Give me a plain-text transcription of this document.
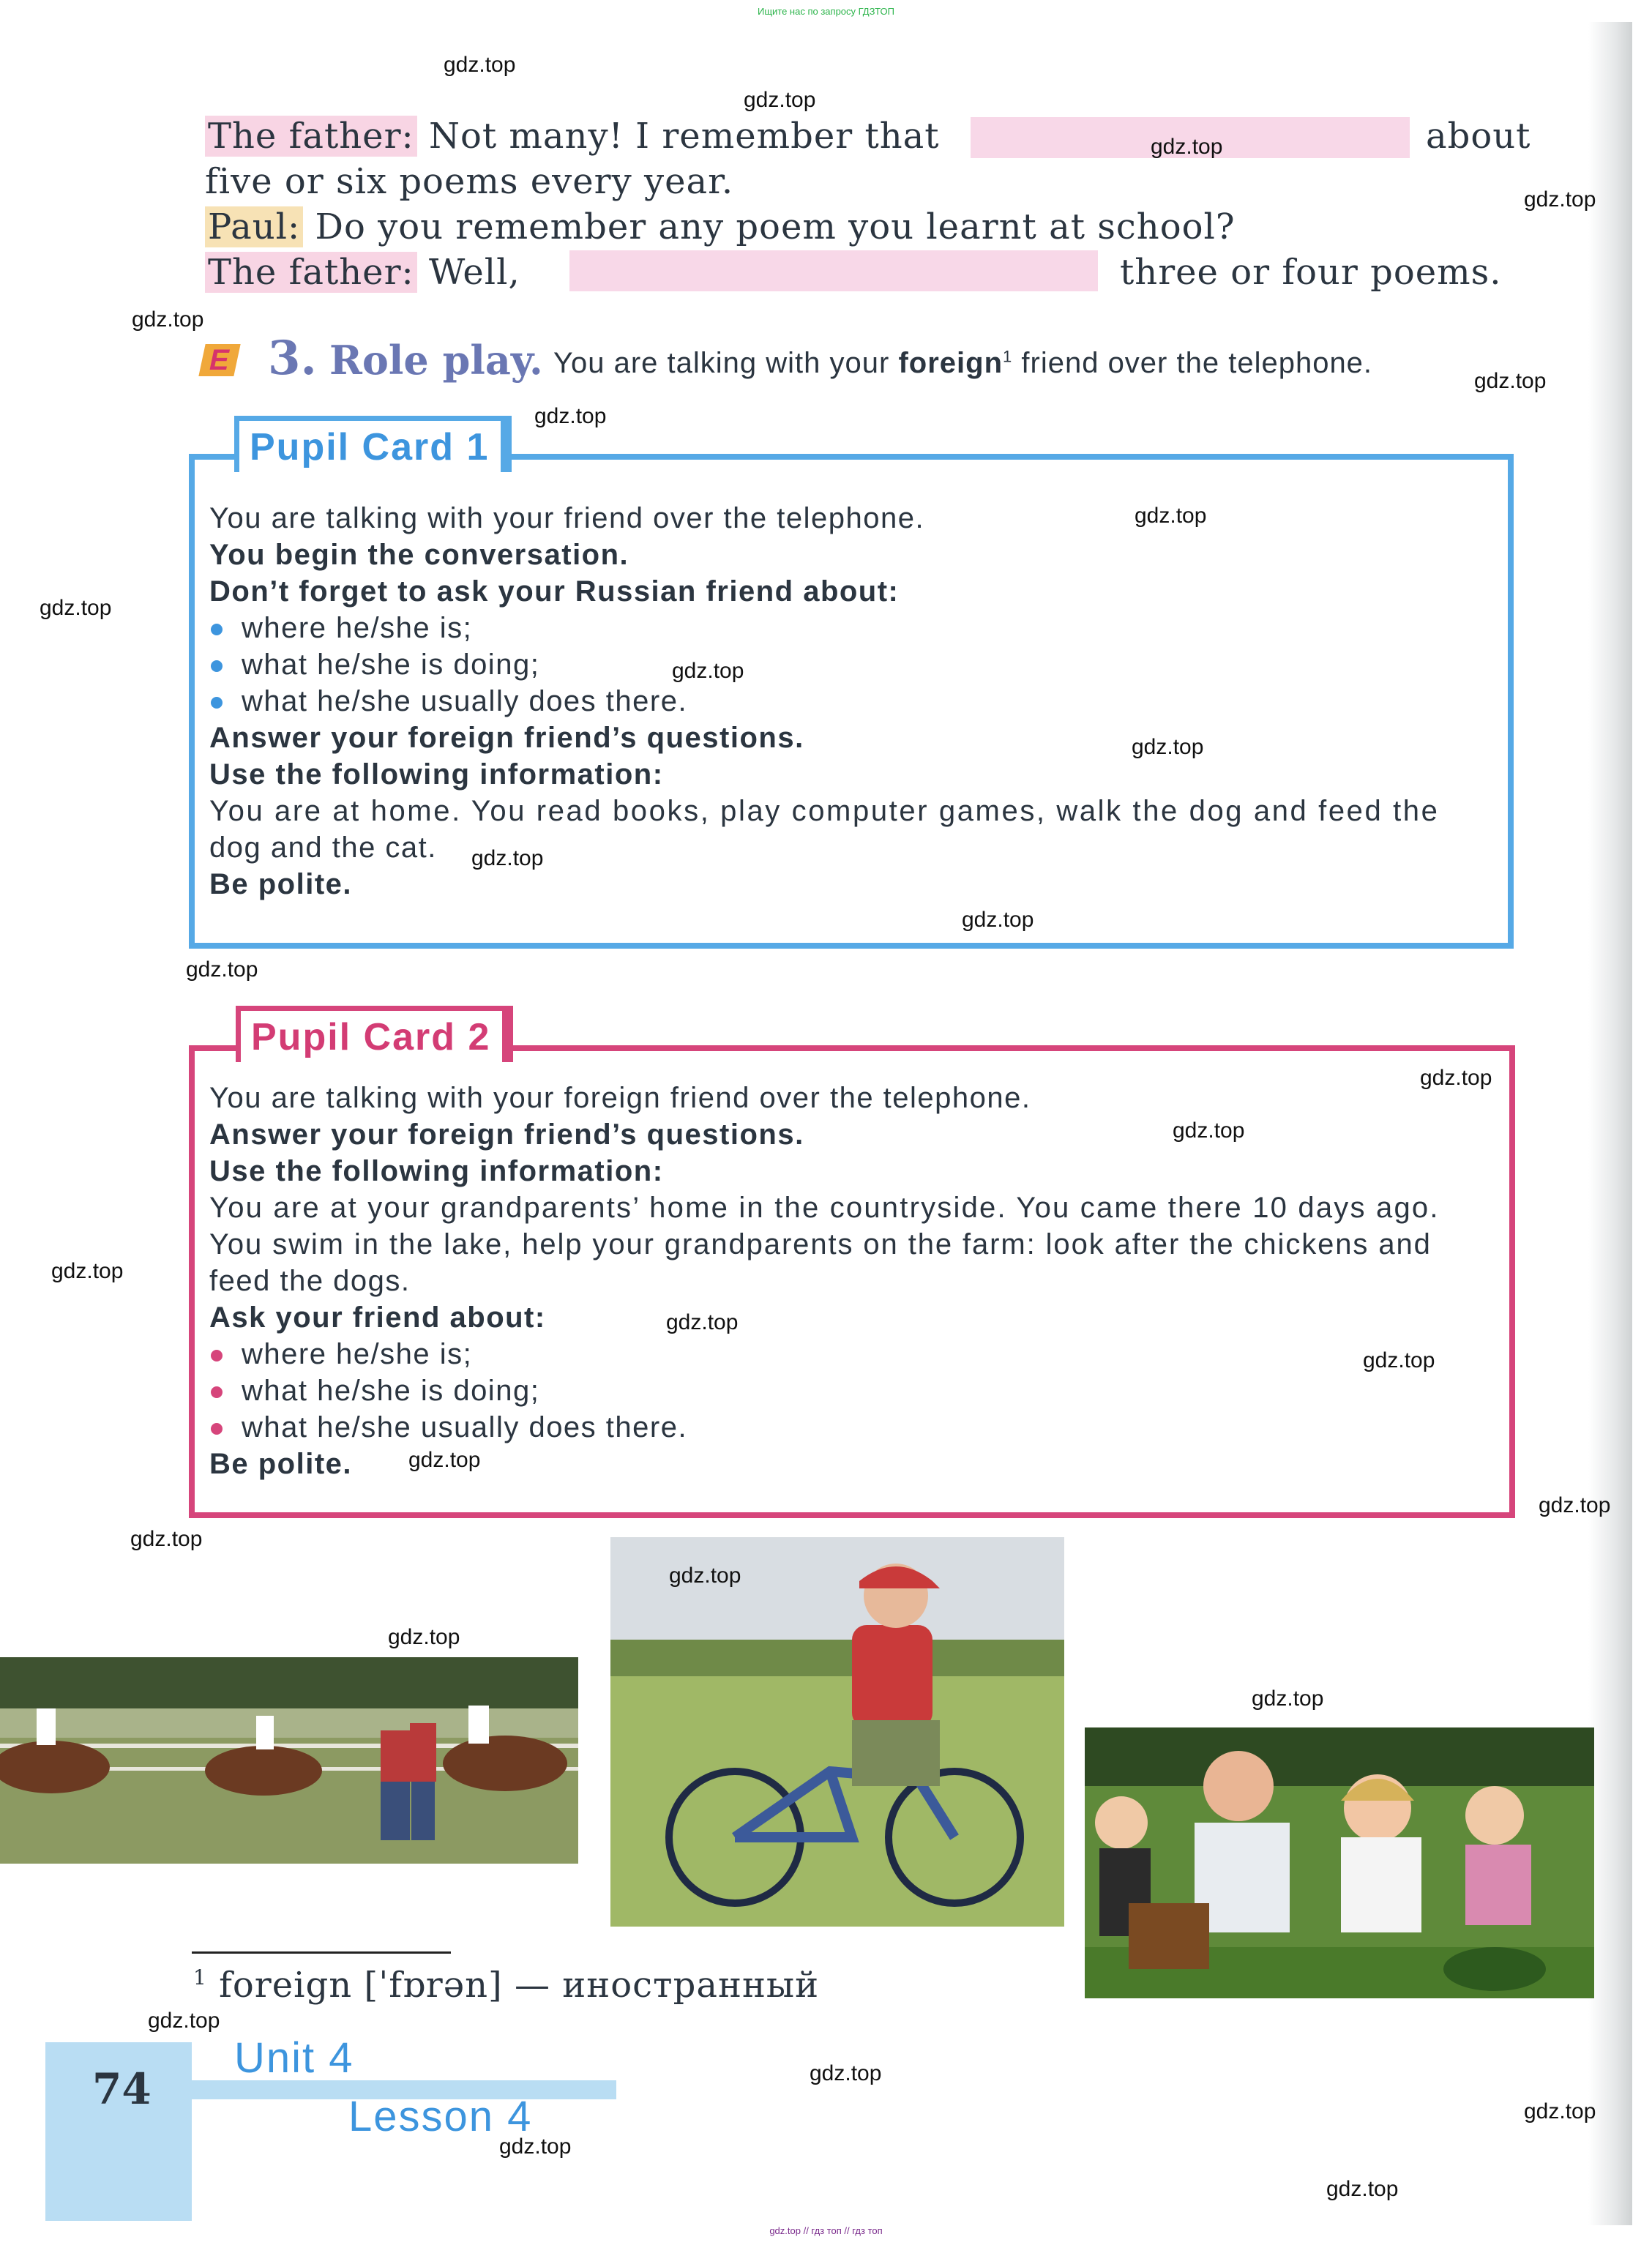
Ищите нас по запросу ГДЗТОП
The father: Not many! I remember that	about
five or six poems every year.
Paul: Do you remember any poem you learnt at school?
The father: Well,	three or four poems.
E 3. Role play. You are talking with your foreign$^1$ friend over the telephone.
Pupil Card 1
You are talking with your friend over the telephone.
You begin the conversation.
Don’t forget to ask your Russian friend about:
where he/she is;
what he/she is doing;
what he/she usually does there.
Answer your foreign friend’s questions.
Use the following information:
You are at home. You read books, play computer games, walk the dog and feed the
dog and the cat.
Be polite.
Pupil Card 2
You are talking with your foreign friend over the telephone.
Answer your foreign friend’s questions.
Use the following information:
You are at your grandparents’ home in the countryside. You came there 10 days ago.
You swim in the lake, help your grandparents on the farm: look after the chickens and
feed the dogs.
Ask your friend about:
where he/she is;
what he/she is doing;
what he/she usually does there.
Be polite.
$^1$ foreign [ˈfɒrən] — иностранный
74
Unit 4
Lesson 4
gdz.top // гдз топ // гдз топ
gdz.top
gdz.top
gdz.top
gdz.top
gdz.top
gdz.top
gdz.top
gdz.top
gdz.top
gdz.top
gdz.top
gdz.top
gdz.top
gdz.top
gdz.top
gdz.top
gdz.top
gdz.top
gdz.top
gdz.top
gdz.top
gdz.top
gdz.top
gdz.top
gdz.top
gdz.top
gdz.top
gdz.top
gdz.top
gdz.top
